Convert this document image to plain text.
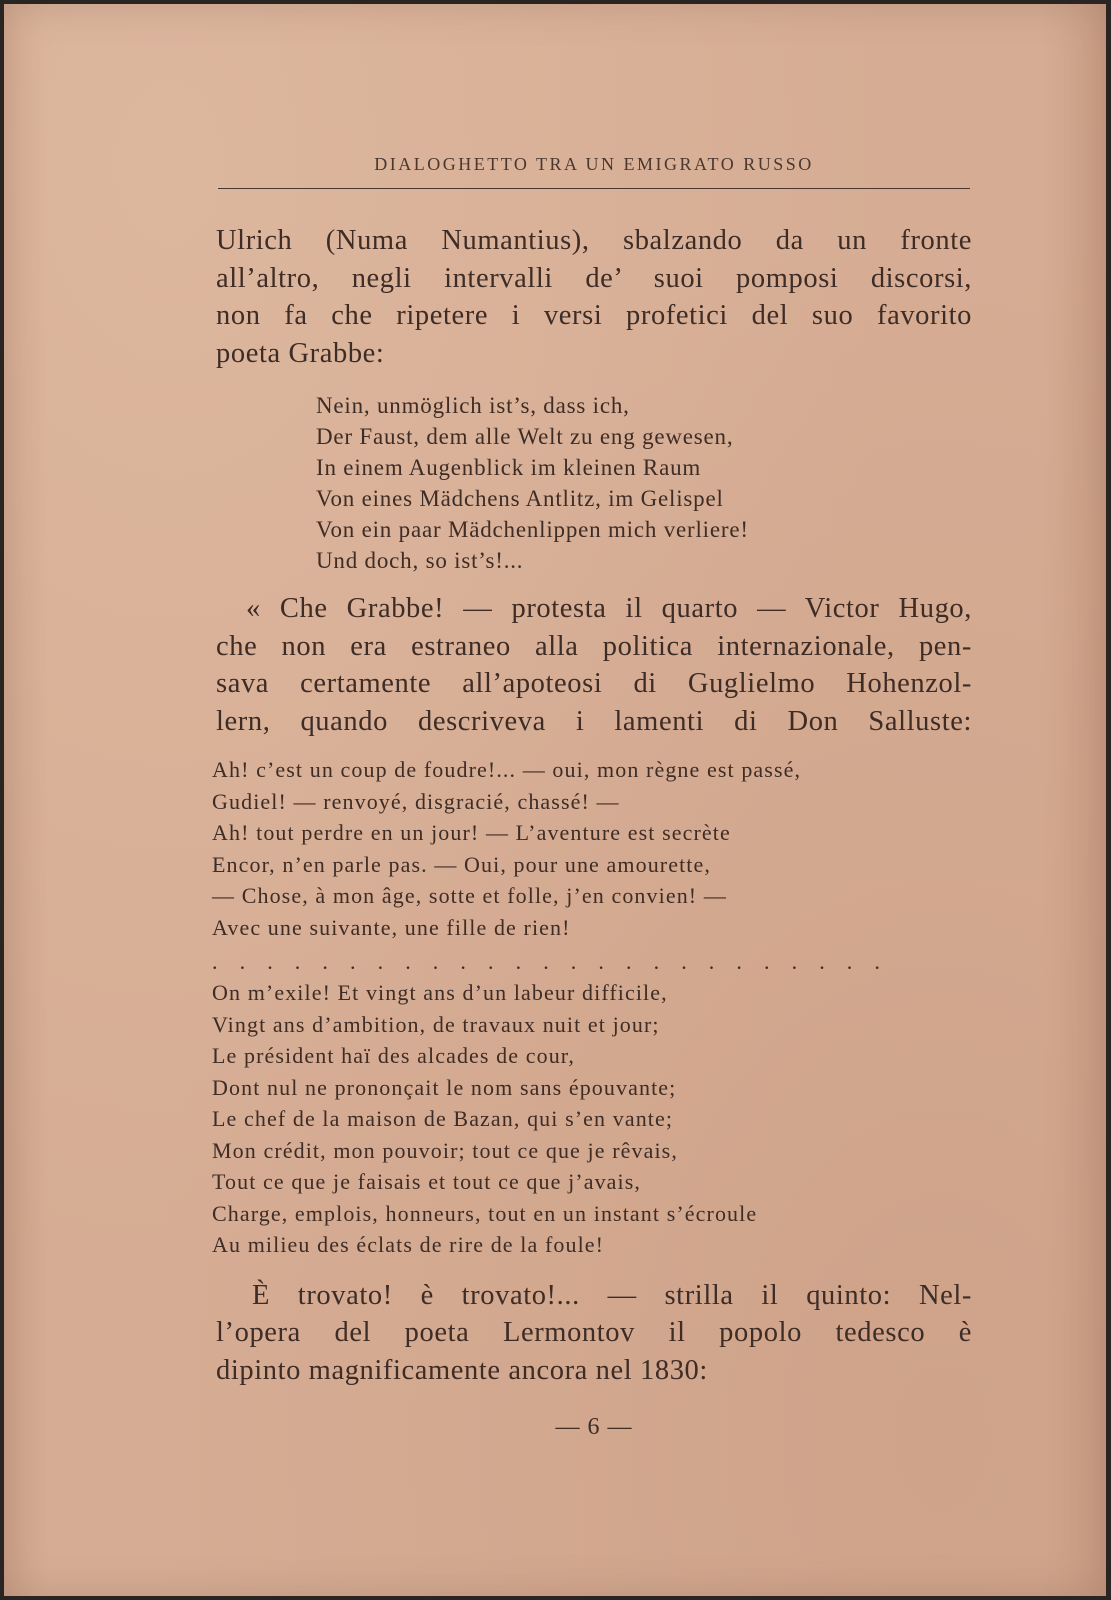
DIALOGHETTO TRA UN EMIGRATO RUSSO

Ulrich (Numa Numantius), sbalzando da un fronte
all’altro, negli intervalli de’ suoi pomposi discorsi,
non fa che ripetere i versi profetici del suo favorito
poeta Grabbe:

Nein, unmöglich ist’s, dass ich,
Der Faust, dem alle Welt zu eng gewesen,
In einem Augenblick im kleinen Raum
Von eines Mädchens Antlitz, im Gelispel
Von ein paar Mädchenlippen mich verliere!
Und doch, so ist’s!...

« Che Grabbe! — protesta il quarto — Victor Hugo,
che non era estraneo alla politica internazionale, pen-
sava certamente all’apoteosi di Guglielmo Hohenzol-
lern, quando descriveva i lamenti di Don Salluste:

Ah! c’est un coup de foudre!... — oui, mon règne est passé,
Gudiel! — renvoyé, disgracié, chassé! —
Ah! tout perdre en un jour! — L’aventure est secrète
Encor, n’en parle pas. — Oui, pour une amourette,
— Chose, à mon âge, sotte et folle, j’en convien! —
Avec une suivante, une fille de rien!
. . . . . . . . . . . . . . . . . . . . . . . . .
On m’exile! Et vingt ans d’un labeur difficile,
Vingt ans d’ambition, de travaux nuit et jour;
Le président haï des alcades de cour,
Dont nul ne prononçait le nom sans épouvante;
Le chef de la maison de Bazan, qui s’en vante;
Mon crédit, mon pouvoir; tout ce que je rêvais,
Tout ce que je faisais et tout ce que j’avais,
Charge, emplois, honneurs, tout en un instant s’écroule
Au milieu des éclats de rire de la foule!

È trovato! è trovato!... — strilla il quinto: Nel-
l’opera del poeta Lermontov il popolo tedesco è
dipinto magnificamente ancora nel 1830:

— 6 —
